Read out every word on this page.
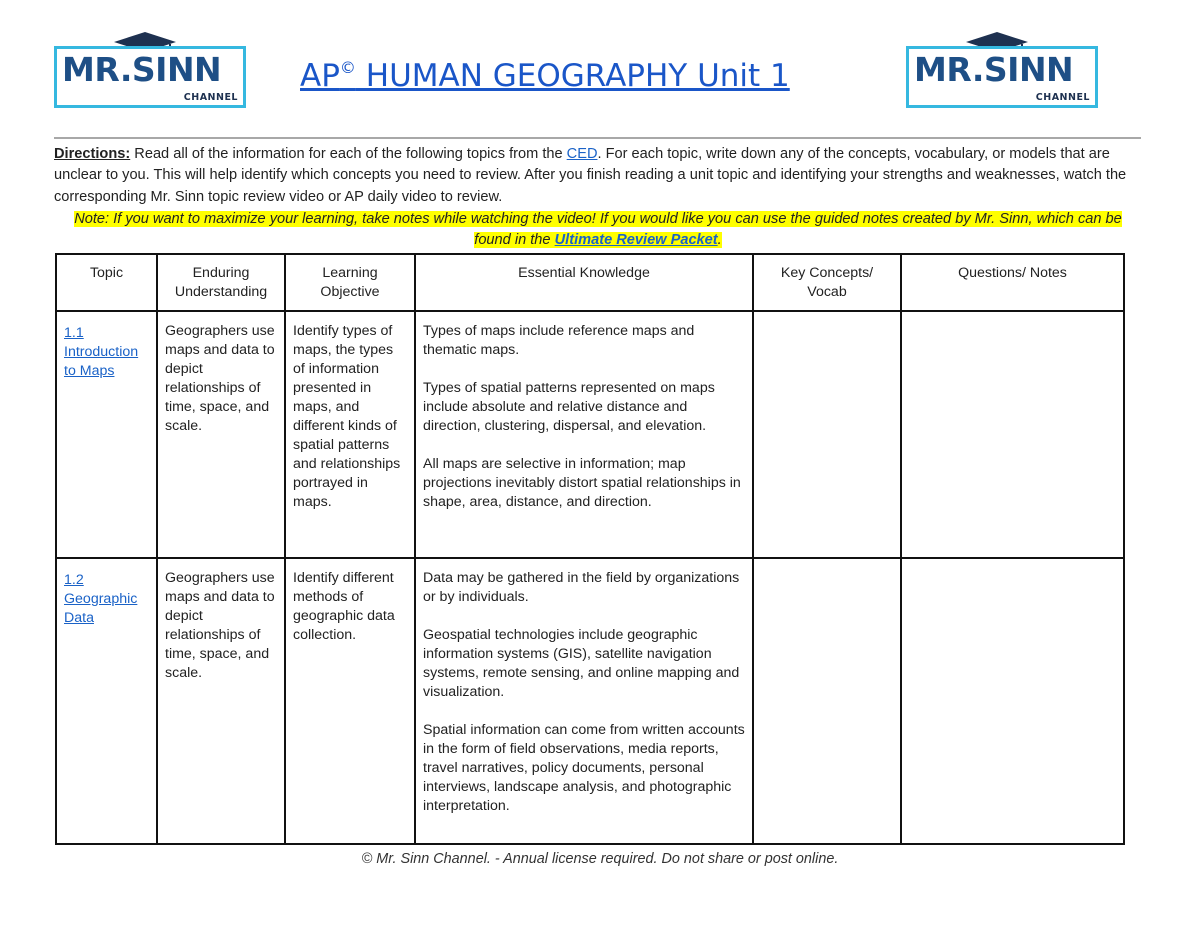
MR.SINN
CHANNEL
AP© HUMAN GEOGRAPHY Unit 1	MR.SINN
CHANNEL
Directions: Read all of the information for each of the following topics from the CED. For each topic, write down any of the concepts, vocabulary, or models that are unclear to you. This will help identify which concepts you need to review. After you finish reading a unit topic and identifying your strengths and weaknesses, watch the corresponding Mr. Sinn topic review video or AP daily video to review.
Note: If you want to maximize your learning, take notes while watching the video! If you would like you can use the guided notes created by Mr. Sinn, which can be found in the Ultimate Review Packet.
Topic	Enduring Understanding	Learning Objective	Essential Knowledge	Key Concepts/ Vocab	Questions/ Notes
1.1 Introduction to Maps	Geographers use maps and data to depict relationships of time, space, and scale.	Identify types of maps, the types of information presented in maps, and different kinds of spatial patterns and relationships portrayed in maps.	Types of maps include reference maps and thematic maps.

Types of spatial patterns represented on maps include absolute and relative distance and direction, clustering, dispersal, and elevation.

All maps are selective in information; map projections inevitably distort spatial relationships in shape, area, distance, and direction.		

1.2 Geographic Data	Geographers use maps and data to depict relationships of time, space, and scale.	Identify different methods of geographic data collection.	Data may be gathered in the field by organizations or by individuals.

Geospatial technologies include geographic information systems (GIS), satellite navigation systems, remote sensing, and online mapping and visualization.

Spatial information can come from written accounts in the form of field observations, media reports, travel narratives, policy documents, personal interviews, landscape analysis, and photographic interpretation.		

© Mr. Sinn Channel. - Annual license required. Do not share or post online.
